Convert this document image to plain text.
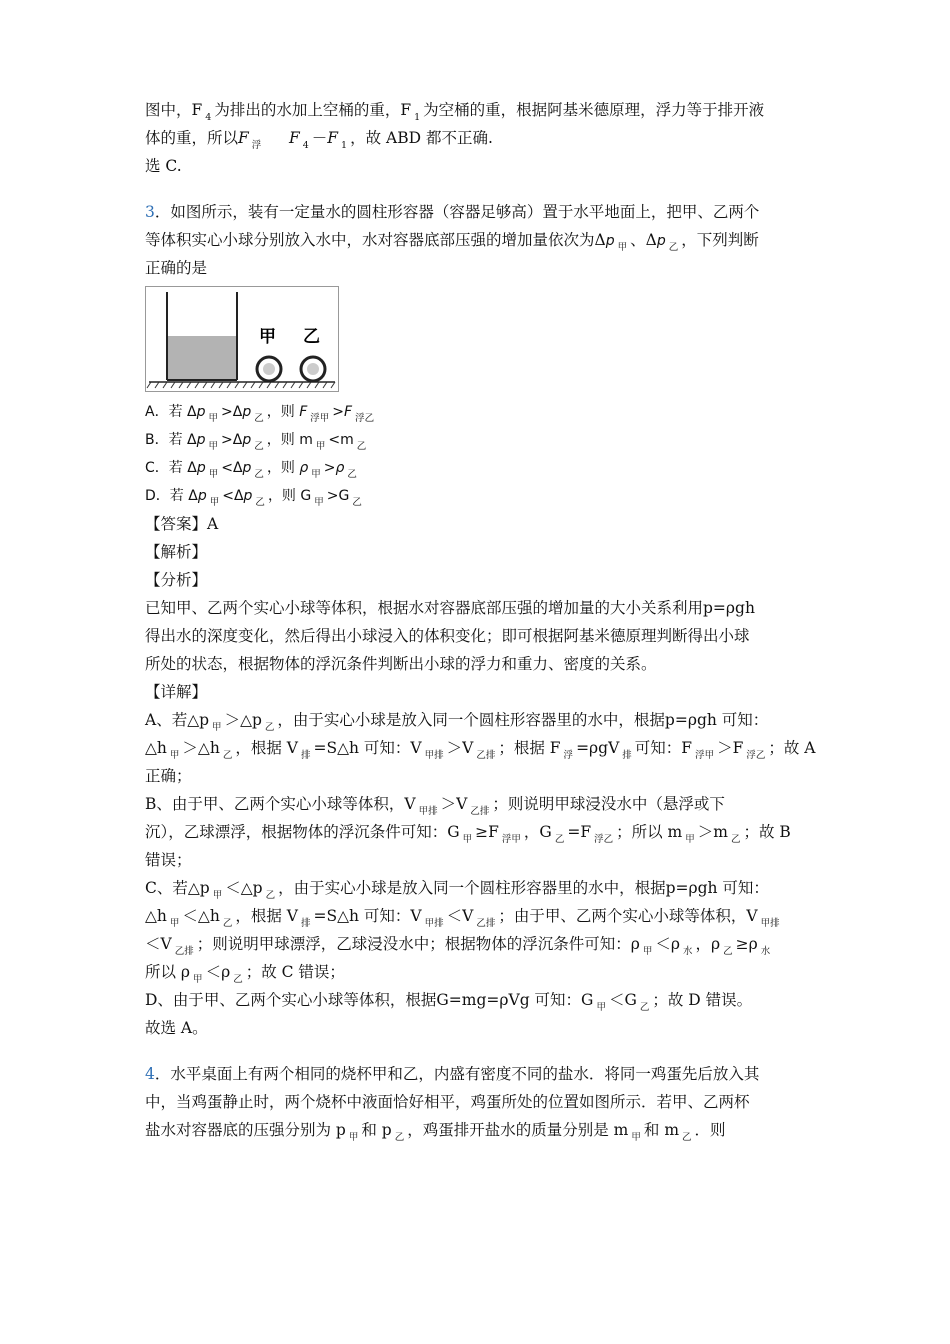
图中，F $_4$ 为排出的水加上空桶的重，F $_1$ 为空桶的重，根据阿基米德原理，浮力等于排开液
体的重，所以F $_浮$ F $_4$ －F $_1$ ，故 ABD 都不正确.
选 C.
3．如图所示，装有一定量水的圆柱形容器（容器足够高）置于水平地面上，把甲、乙两个
等体积实心小球分别放入水中，水对容器底部压强的增加量依次为Δp $_甲$ 、Δp $_乙$ ，下列判断
正确的是
甲 乙
A．若 Δp $_甲$ >Δp $_乙$ ，则 F $_{浮甲}$ >F $_{浮乙}$
B．若 Δp $_甲$ >Δp $_乙$ ，则 m $_甲$ <m $_乙$
C．若 Δp $_甲$ <Δp $_乙$ ，则 ρ $_甲$ >ρ $_乙$
D．若 Δp $_甲$ <Δp $_乙$ ，则 G $_甲$ >G $_乙$
【答案】A
【解析】
【分析】
已知甲、乙两个实心小球等体积，根据水对容器底部压强的增加量的大小关系利用p=ρgh
得出水的深度变化，然后得出小球浸入的体积变化；即可根据阿基米德原理判断得出小球
所处的状态，根据物体的浮沉条件判断出小球的浮力和重力、密度的关系。
【详解】
A、若△p $_甲$ ＞△p $_乙$ ，由于实心小球是放入同一个圆柱形容器里的水中，根据p=ρgh 可知：
△h $_甲$ ＞△h $_乙$ ，根据 V $_排$ =S△h 可知：V $_{甲排}$ ＞V $_{乙排}$ ；根据 F $_浮$ =ρgV $_排$ 可知：F $_{浮甲}$ ＞F $_{浮乙}$ ；故 A
正确；
B、由于甲、乙两个实心小球等体积，V $_{甲排}$ ＞V $_{乙排}$ ；则说明甲球浸没水中（悬浮或下
沉），乙球漂浮，根据物体的浮沉条件可知：G $_甲$ ≥F $_{浮甲}$ ，G $_乙$ =F $_{浮乙}$ ；所以 m $_甲$ ＞m $_乙$ ；故 B
错误；
C、若△p $_甲$ ＜△p $_乙$ ，由于实心小球是放入同一个圆柱形容器里的水中，根据p=ρgh 可知：
△h $_甲$ ＜△h $_乙$ ，根据 V $_排$ =S△h 可知：V $_{甲排}$ ＜V $_{乙排}$ ；由于甲、乙两个实心小球等体积，V $_{甲排}$
＜V $_{乙排}$ ；则说明甲球漂浮，乙球浸没水中；根据物体的浮沉条件可知：ρ $_甲$ ＜ρ $_水$ ，ρ $_乙$ ≥ρ $_水$
所以 ρ $_甲$ ＜ρ $_乙$ ；故 C 错误；
D、由于甲、乙两个实心小球等体积，根据G=mg=ρVg 可知：G $_甲$ ＜G $_乙$ ；故 D 错误。
故选 A。
4．水平桌面上有两个相同的烧杯甲和乙，内盛有密度不同的盐水．将同一鸡蛋先后放入其
中，当鸡蛋静止时，两个烧杯中液面恰好相平，鸡蛋所处的位置如图所示．若甲、乙两杯
盐水对容器底的压强分别为 p $_甲$ 和 p $_乙$ ，鸡蛋排开盐水的质量分别是 m $_甲$ 和 m $_乙$ ．则
